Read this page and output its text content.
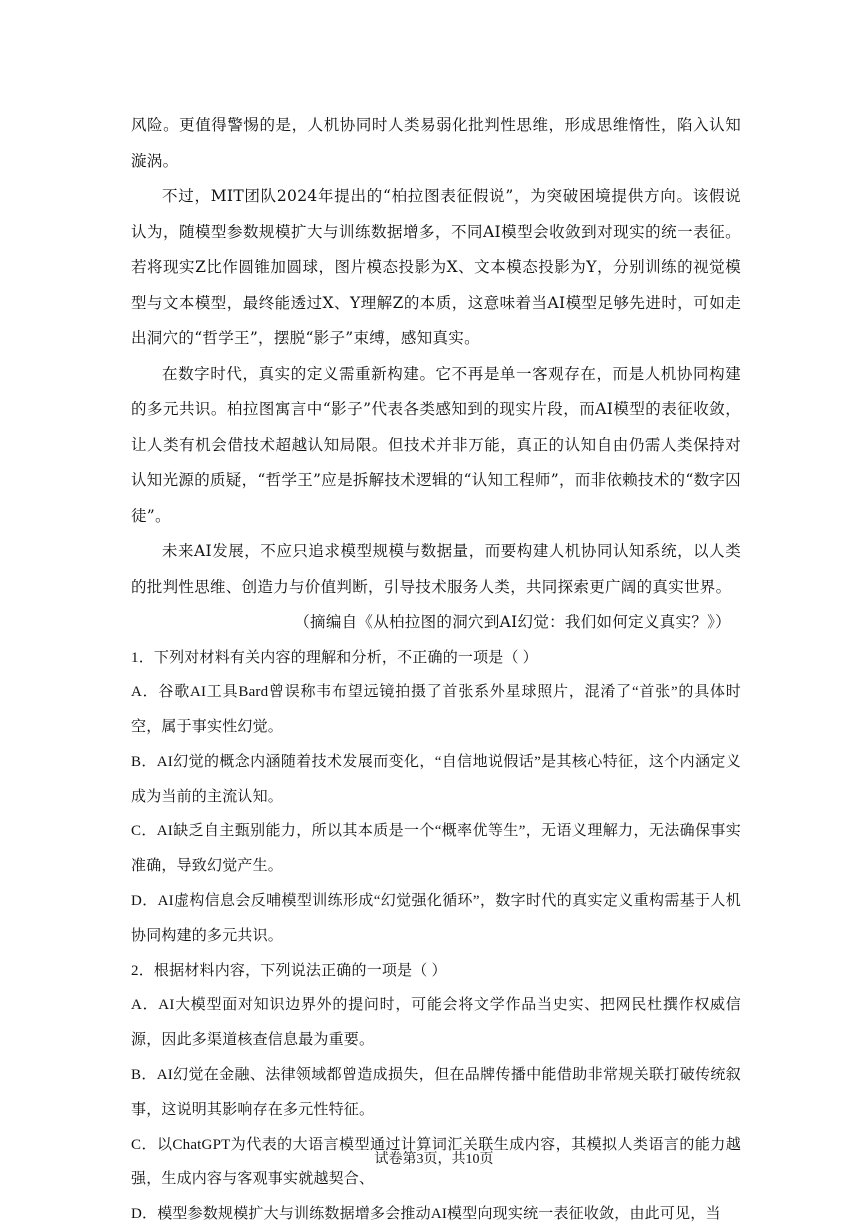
风险。更值得警惕的是，人机协同时人类易弱化批判性思维，形成思维惰性，陷入认知漩涡。

不过，MIT团队2024年提出的“柏拉图表征假说”，为突破困境提供方向。该假说认为，随模型参数规模扩大与训练数据增多，不同AI模型会收敛到对现实的统一表征。若将现实Z比作圆锥加圆球，图片模态投影为X、文本模态投影为Y，分别训练的视觉模型与文本模型，最终能透过X、Y理解Z的本质，这意味着当AI模型足够先进时，可如走出洞穴的“哲学王”，摆脱“影子”束缚，感知真实。

在数字时代，真实的定义需重新构建。它不再是单一客观存在，而是人机协同构建的多元共识。柏拉图寓言中“影子”代表各类感知到的现实片段，而AI模型的表征收敛，让人类有机会借技术超越认知局限。但技术并非万能，真正的认知自由仍需人类保持对认知光源的质疑，“哲学王”应是拆解技术逻辑的“认知工程师”，而非依赖技术的“数字囚徒”。

未来AI发展，不应只追求模型规模与数据量，而要构建人机协同认知系统，以人类的批判性思维、创造力与价值判断，引导技术服务人类，共同探索更广阔的真实世界。

（摘编自《从柏拉图的洞穴到AI幻觉：我们如何定义真实？》）

1．下列对材料有关内容的理解和分析，不正确的一项是（ ）

A．谷歌AI工具Bard曾误称韦布望远镜拍摄了首张系外星球照片，混淆了“首张”的具体时空，属于事实性幻觉。

B．AI幻觉的概念内涵随着技术发展而变化，“自信地说假话”是其核心特征，这个内涵定义成为当前的主流认知。

C．AI缺乏自主甄别能力，所以其本质是一个“概率优等生”，无语义理解力，无法确保事实准确，导致幻觉产生。

D．AI虚构信息会反哺模型训练形成“幻觉强化循环”，数字时代的真实定义重构需基于人机协同构建的多元共识。

2．根据材料内容，下列说法正确的一项是（ ）

A．AI大模型面对知识边界外的提问时，可能会将文学作品当史实、把网民杜撰作权威信源，因此多渠道核查信息最为重要。

B．AI幻觉在金融、法律领域都曾造成损失，但在品牌传播中能借助非常规关联打破传统叙事，这说明其影响存在多元性特征。

C．以ChatGPT为代表的大语言模型通过计算词汇关联生成内容，其模拟人类语言的能力越强，生成内容与客观事实就越契合、

D．模型参数规模扩大与训练数据增多会推动AI模型向现实统一表征收敛，由此可见，当

试卷第3页，共10页
